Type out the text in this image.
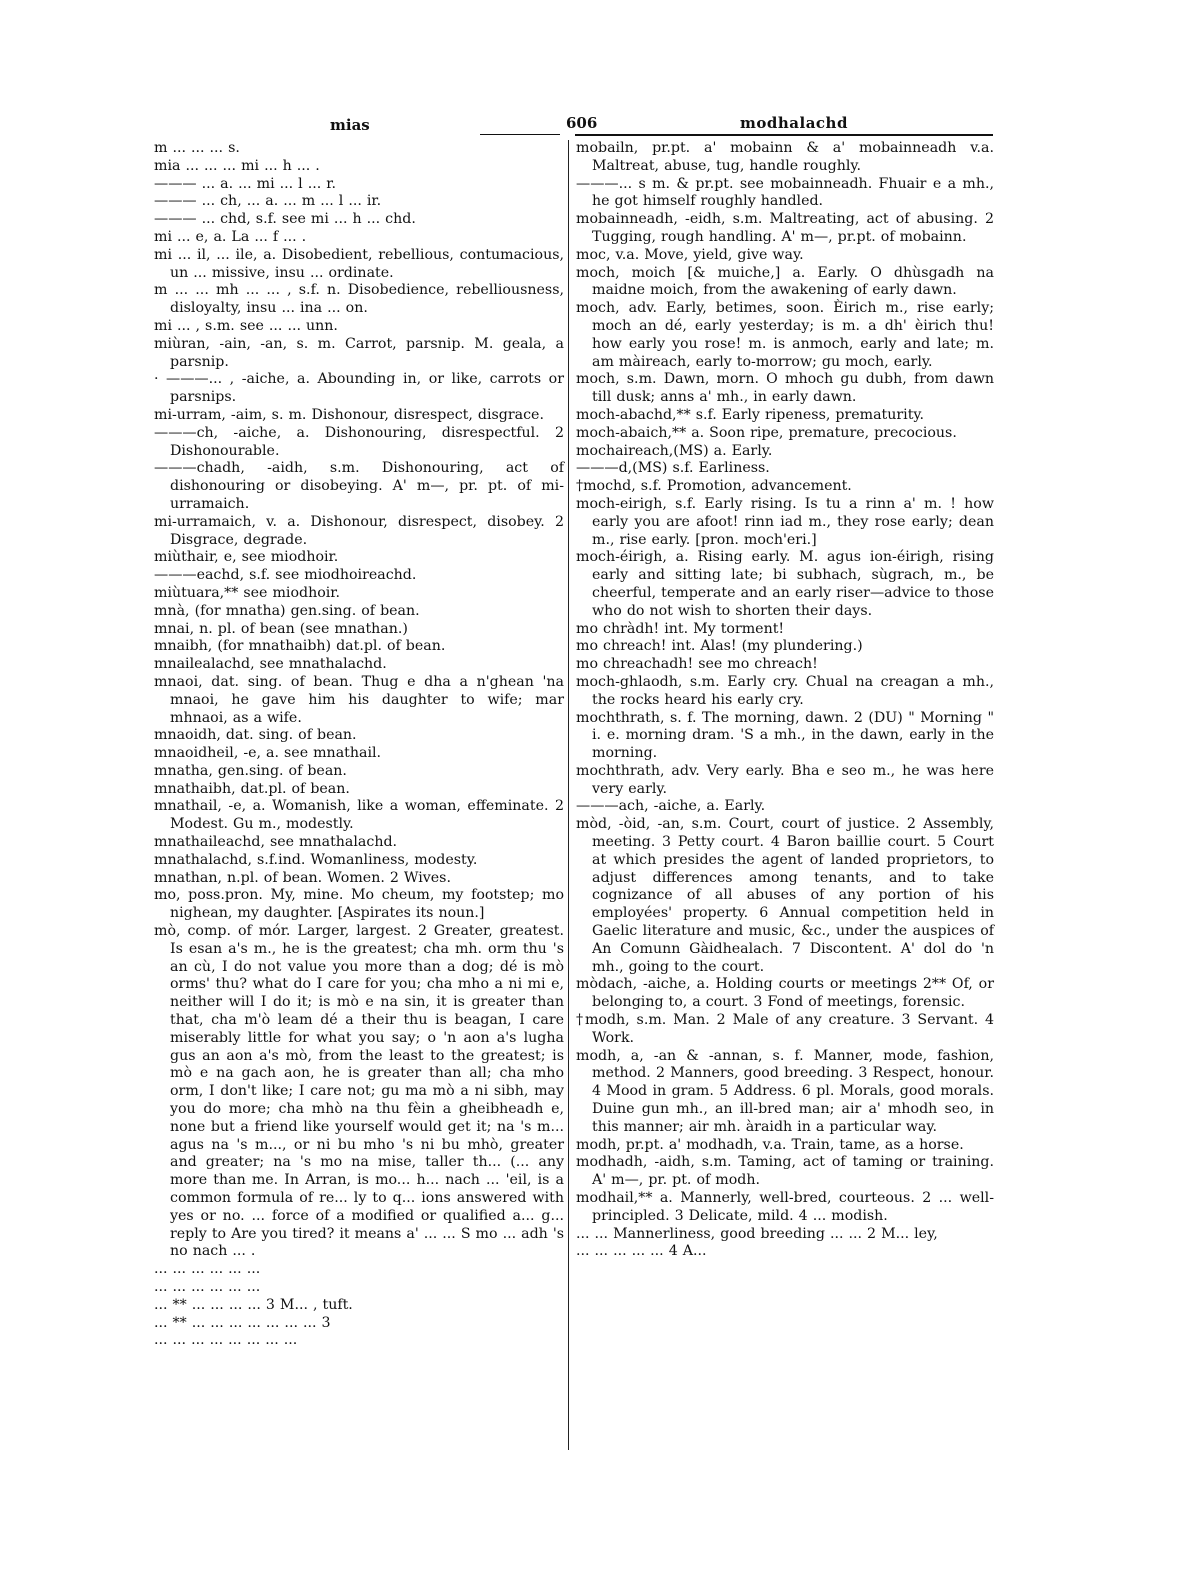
mias	606	modhalachd

m ... ... ... s.

mia ... ... ... mi ... h ... .

——— ... a. ... mi ... l ... r.

——— ... ch, ... a. ... m ... l ... ir.

——— ... chd, s.f. see mi ... h ... chd.

mi ... e, a. La ... f ... .

mi ... il, ... ile, a. Disobedient, rebellious, contumacious, un ... missive, insu ... ordinate.

m ... ... mh ... ... , s.f. n. Disobedience, rebelliousness, disloyalty, insu ... ina ... on.

mi ... , s.m. see ... ... unn.

miùran, -ain, -an, s. m. Carrot, parsnip. M. geala, a parsnip.

· ———... , -aiche, a. Abounding in, or like, carrots or parsnips.

mi-urram, -aim, s. m. Dishonour, disrespect, disgrace.

———ch, -aiche, a. Dishonouring, disrespectful. 2 Dishonourable.

———chadh, -aidh, s.m. Dishonouring, act of dishonouring or disobeying. A' m—, pr. pt. of mi-urramaich.

mi-urramaich, v. a. Dishonour, disrespect, disobey. 2 Disgrace, degrade.

miùthair, e, see miodhoir.

———eachd, s.f. see miodhoireachd.

miùtuara,** see miodhoir.

mnà, (for mnatha) gen.sing. of bean.

mnai, n. pl. of bean (see mnathan.)

mnaibh, (for mnathaibh) dat.pl. of bean.

mnailealachd, see mnathalachd.

mnaoi, dat. sing. of bean. Thug e dha a n'ghean 'na mnaoi, he gave him his daughter to wife; mar mhnaoi, as a wife.

mnaoidh, dat. sing. of bean.

mnaoidheil, -e, a. see mnathail.

mnatha, gen.sing. of bean.

mnathaibh, dat.pl. of bean.

mnathail, -e, a. Womanish, like a woman, effeminate. 2 Modest. Gu m., modestly.

mnathaileachd, see mnathalachd.

mnathalachd, s.f.ind. Womanliness, modesty.

mnathan, n.pl. of bean. Women. 2 Wives.

mo, poss.pron. My, mine. Mo cheum, my footstep; mo nighean, my daughter. [Aspirates its noun.]

mò, comp. of mór. Larger, largest. 2 Greater, greatest. Is esan a's m., he is the greatest; cha mh. orm thu 's an cù, I do not value you more than a dog; dé is mò orms' thu? what do I care for you; cha mho a ni mi e, neither will I do it; is mò e na sin, it is greater than that, cha m'ò leam dé a their thu is beagan, I care miserably little for what you say; o 'n aon a's lugha gus an aon a's mò, from the least to the greatest; is mò e na gach aon, he is greater than all; cha mho orm, I don't like; I care not; gu ma mò a ni sibh, may you do more; cha mhò na thu fèin a gheibheadh e, none but a friend like yourself would get it; na 's m... agus na 's m..., or ni bu mho 's ni bu mhò, greater and greater; na 's mo na mise, taller th... (... any more than me. In Arran, is mo... h... nach ... 'eil, is a common formula of re... ly to q... ions answered with yes or no. ... force of a modified or qualified a... g... reply to Are you tired? it means a' ... ... S mo ... adh 's no nach ... .

... ... ... ... ... ...

... ... ... ... ... ...

... ** ... ... ... ... 3 M... , tuft.

... ** ... ... ... ... ... ... ... 3

... ... ... ... ... ... ... ...

mobailn, pr.pt. a' mobainn & a' mobainneadh v.a. Maltreat, abuse, tug, handle roughly.

———... s m. & pr.pt. see mobainneadh. Fhuair e a mh., he got himself roughly handled.

mobainneadh, -eidh, s.m. Maltreating, act of abusing. 2 Tugging, rough handling. A' m—, pr.pt. of mobainn.

moc, v.a. Move, yield, give way.

moch, moich [& muiche,] a. Early. O dhùsgadh na maidne moich, from the awakening of early dawn.

moch, adv. Early, betimes, soon. Èirich m., rise early; moch an dé, early yesterday; is m. a dh' èirich thu! how early you rose! m. is anmoch, early and late; m. am màireach, early to-morrow; gu moch, early.

moch, s.m. Dawn, morn. O mhoch gu dubh, from dawn till dusk; anns a' mh., in early dawn.

moch-abachd,** s.f. Early ripeness, prematurity.

moch-abaich,** a. Soon ripe, premature, precocious.

mochaireach,(MS) a. Early.

———d,(MS) s.f. Earliness.

†mochd, s.f. Promotion, advancement.

moch-eirigh, s.f. Early rising. Is tu a rinn a' m. ! how early you are afoot! rinn iad m., they rose early; dean m., rise early. [pron. moch'eri.]

moch-éirigh, a. Rising early. M. agus ion-éirigh, rising early and sitting late; bi subhach, sùgrach, m., be cheerful, temperate and an early riser—advice to those who do not wish to shorten their days.

mo chràdh! int. My torment!

mo chreach! int. Alas! (my plundering.)

mo chreachadh! see mo chreach!

moch-ghlaodh, s.m. Early cry. Chual na creagan a mh., the rocks heard his early cry.

mochthrath, s. f. The morning, dawn. 2 (DU) " Morning " i. e. morning dram. 'S a mh., in the dawn, early in the morning.

mochthrath, adv. Very early. Bha e seo m., he was here very early.

———ach, -aiche, a. Early.

mòd, -òid, -an, s.m. Court, court of justice. 2 Assembly, meeting. 3 Petty court. 4 Baron baillie court. 5 Court at which presides the agent of landed proprietors, to adjust differences among tenants, and to take cognizance of all abuses of any portion of his employées' property. 6 Annual competition held in Gaelic literature and music, &c., under the auspices of An Comunn Gàidhealach. 7 Discontent. A' dol do 'n mh., going to the court.

mòdach, -aiche, a. Holding courts or meetings 2** Of, or belonging to, a court. 3 Fond of meetings, forensic.

†modh, s.m. Man. 2 Male of any creature. 3 Servant. 4 Work.

modh, a, -an & -annan, s. f. Manner, mode, fashion, method. 2 Manners, good breeding. 3 Respect, honour. 4 Mood in gram. 5 Address. 6 pl. Morals, good morals. Duine gun mh., an ill-bred man; air a' mhodh seo, in this manner; air mh. àraidh in a particular way.

modh, pr.pt. a' modhadh, v.a. Train, tame, as a horse.

modhadh, -aidh, s.m. Taming, act of taming or training. A' m—, pr. pt. of modh.

modhail,** a. Mannerly, well-bred, courteous. 2 ... well-principled. 3 Delicate, mild. 4 ... modish.

... ... Mannerliness, good breeding ... ... 2 M... ley,

... ... ... ... ... 4 A...
